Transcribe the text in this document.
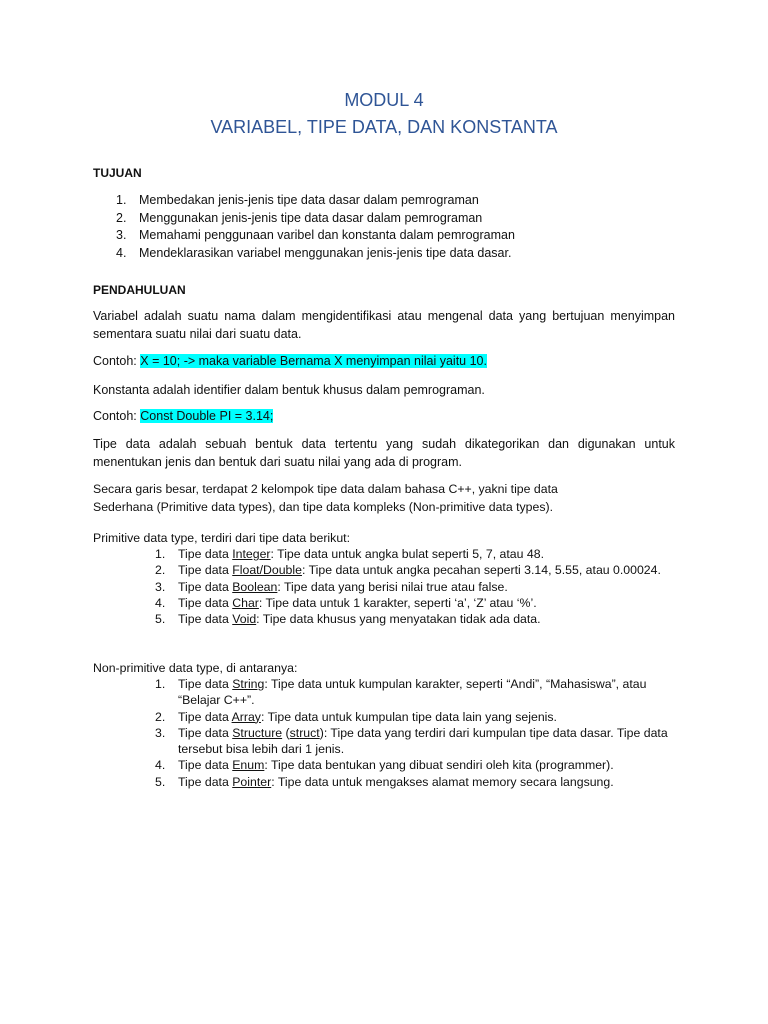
MODUL 4
VARIABEL, TIPE DATA, DAN KONSTANTA
TUJUAN
1. Membedakan jenis-jenis tipe data dasar dalam pemrograman
2. Menggunakan jenis-jenis tipe data dasar dalam pemrograman
3. Memahami penggunaan varibel dan konstanta dalam pemrograman
4. Mendeklarasikan variabel menggunakan jenis-jenis tipe data dasar.
PENDAHULUAN
Variabel adalah suatu nama dalam mengidentifikasi atau mengenal data yang bertujuan menyimpan sementara suatu nilai dari suatu data.
Contoh: X = 10; -> maka variable Bernama X menyimpan nilai yaitu 10.
Konstanta adalah identifier dalam bentuk khusus dalam pemrograman.
Contoh: Const Double PI = 3.14;
Tipe data adalah sebuah bentuk data tertentu yang sudah dikategorikan dan digunakan untuk menentukan jenis dan bentuk dari suatu nilai yang ada di program.
Secara garis besar, terdapat 2 kelompok tipe data dalam bahasa C++, yakni tipe data
Sederhana (Primitive data types), dan tipe data kompleks (Non-primitive data types).
Primitive data type, terdiri dari tipe data berikut:
1.	Tipe data Integer: Tipe data untuk angka bulat seperti 5, 7, atau 48.
2.	Tipe data Float/Double: Tipe data untuk angka pecahan seperti 3.14, 5.55, atau 0.00024.
3.	Tipe data Boolean: Tipe data yang berisi nilai true atau false.
4.	Tipe data Char: Tipe data untuk 1 karakter, seperti ‘a’, ‘Z’ atau ‘%’.
5.	Tipe data Void: Tipe data khusus yang menyatakan tidak ada data.
Non-primitive data type, di antaranya:
1.	Tipe data String: Tipe data untuk kumpulan karakter, seperti “Andi”, “Mahasiswa”, atau “Belajar C++”.
2.	Tipe data Array: Tipe data untuk kumpulan tipe data lain yang sejenis.
3.	Tipe data Structure (struct): Tipe data yang terdiri dari kumpulan tipe data dasar. Tipe data tersebut bisa lebih dari 1 jenis.
4.	Tipe data Enum: Tipe data bentukan yang dibuat sendiri oleh kita (programmer).
5.	Tipe data Pointer: Tipe data untuk mengakses alamat memory secara langsung.
